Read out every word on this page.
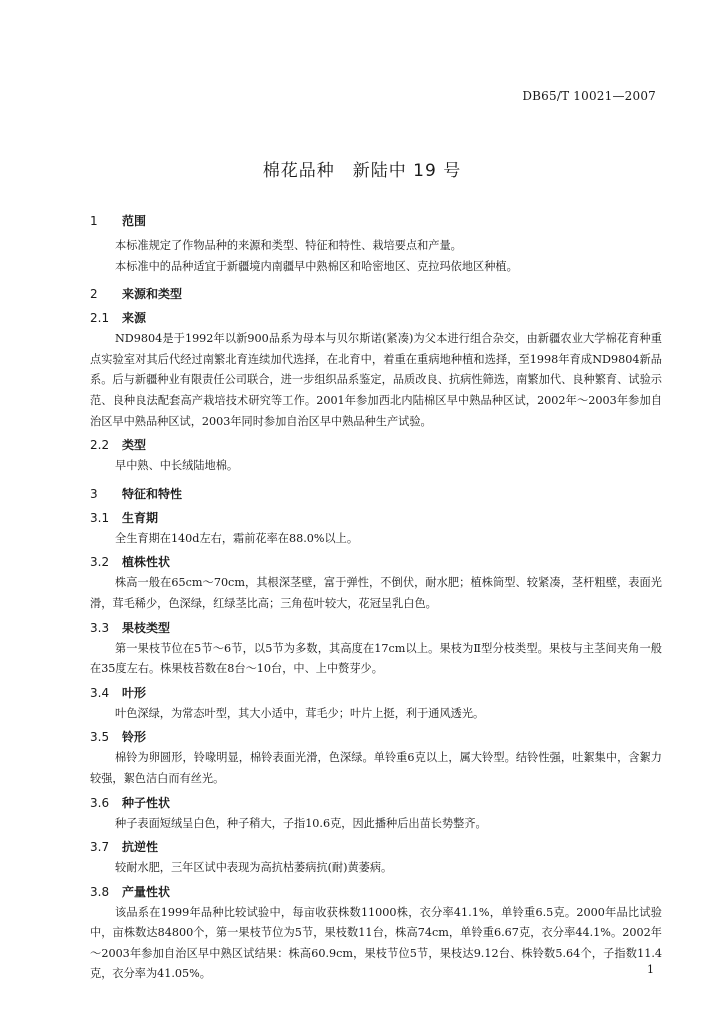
DB65/T 10021—2007
棉花品种　新陆中 19 号
1 范围

本标准规定了作物品种的来源和类型、特征和特性、栽培要点和产量。

本标准中的品种适宜于新疆境内南疆早中熟棉区和哈密地区、克拉玛依地区种植。

2 来源和类型
2.1 来源

ND9804是于1992年以新900品系为母本与贝尔斯诺(紧凑)为父本进行组合杂交，由新疆农业大学棉花育种重点实验室对其后代经过南繁北育连续加代选择，在北育中，着重在重病地种植和选择，至1998年育成ND9804新品系。后与新疆种业有限责任公司联合，进一步组织品系鉴定，品质改良、抗病性筛选，南繁加代、良种繁育、试验示范、良种良法配套高产栽培技术研究等工作。2001年参加西北内陆棉区早中熟品种区试，2002年～2003年参加自治区早中熟品种区试，2003年同时参加自治区早中熟品种生产试验。

2.2 类型

早中熟、中长绒陆地棉。

3 特征和特性
3.1 生育期

全生育期在140d左右，霜前花率在88.0%以上。

3.2 植株性状

株高一般在65cm～70cm，其根深茎壁，富于弹性，不倒伏，耐水肥；植株筒型、较紧凑，茎杆粗壁，表面光滑，茸毛稀少，色深绿，红绿茎比高；三角苞叶较大，花冠呈乳白色。

3.3 果枝类型

第一果枝节位在5节～6节，以5节为多数，其高度在17cm以上。果枝为Ⅱ型分枝类型。果枝与主茎间夹角一般在35度左右。株果枝苔数在8台～10台，中、上中赘芽少。

3.4 叶形

叶色深绿，为常态叶型，其大小适中，茸毛少；叶片上挺，利于通风透光。

3.5 铃形

棉铃为卵圆形，铃喙明显，棉铃表面光滑，色深绿。单铃重6克以上，属大铃型。结铃性强，吐絮集中，含絮力较强，絮色洁白而有丝光。

3.6 种子性状

种子表面短绒呈白色，种子稍大，子指10.6克，因此播种后出苗长势整齐。

3.7 抗逆性

较耐水肥，三年区试中表现为高抗枯萎病抗(耐)黄萎病。

3.8 产量性状

该品系在1999年品种比较试验中，每亩收获株数11000株，衣分率41.1%，单铃重6.5克。2000年品比试验中，亩株数达84800个，第一果枝节位为5节，果枝数11台，株高74cm，单铃重6.67克，衣分率44.1%。2002年～2003年参加自治区早中熟区试结果：株高60.9cm，果枝节位5节，果枝达9.12台、株铃数5.64个，子指数11.4克，衣分率为41.05%。	1
